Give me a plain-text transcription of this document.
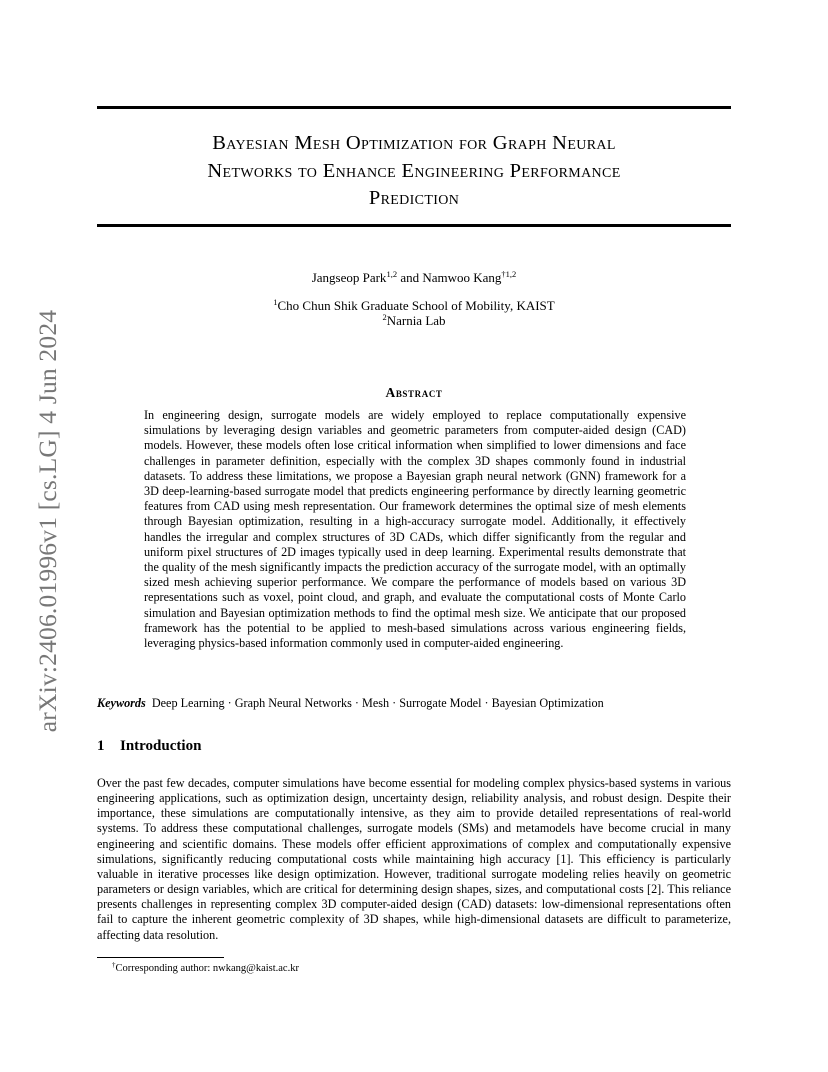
arXiv:2406.01996v1 [cs.LG] 4 Jun 2024
Bayesian Mesh Optimization for Graph Neural
Networks to Enhance Engineering Performance
Prediction
Jangseop Park$^{1,2}$ and Namwoo Kang$^{\dagger 1,2}$
$^1$Cho Chun Shik Graduate School of Mobility, KAIST
$^2$Narnia Lab
Abstract

In engineering design, surrogate models are widely employed to replace computationally expensive simulations by leveraging design variables and geometric parameters from computer-aided design (CAD) models. However, these models often lose critical information when simplified to lower dimensions and face challenges in parameter definition, especially with the complex 3D shapes commonly found in industrial datasets. To address these limitations, we propose a Bayesian graph neural network (GNN) framework for a 3D deep-learning-based surrogate model that predicts engineering performance by directly learning geometric features from CAD using mesh representation. Our framework determines the optimal size of mesh elements through Bayesian optimization, resulting in a high-accuracy surrogate model. Additionally, it effectively handles the irregular and complex structures of 3D CADs, which differ significantly from the regular and uniform pixel structures of 2D images typically used in deep learning. Experimental results demonstrate that the quality of the mesh significantly impacts the prediction accuracy of the surrogate model, with an optimally sized mesh achieving superior performance. We compare the performance of models based on various 3D representations such as voxel, point cloud, and graph, and evaluate the computational costs of Monte Carlo simulation and Bayesian optimization methods to find the optimal mesh size. We anticipate that our proposed framework has the potential to be applied to mesh-based simulations across various engineering fields, leveraging physics-based information commonly used in computer-aided engineering.

Keywords Deep Learning · Graph Neural Networks · Mesh · Surrogate Model · Bayesian Optimization
1 Introduction

Over the past few decades, computer simulations have become essential for modeling complex physics-based systems in various engineering applications, such as optimization design, uncertainty design, reliability analysis, and robust design. Despite their importance, these simulations are computationally intensive, as they aim to provide detailed representations of real-world systems. To address these computational challenges, surrogate models (SMs) and metamodels have become crucial in many engineering and scientific domains. These models offer efficient approximations of complex and computationally expensive simulations, significantly reducing computational costs while maintaining high accuracy [1]. This efficiency is particularly valuable in iterative processes like design optimization. However, traditional surrogate modeling relies heavily on geometric parameters or design variables, which are critical for determining design shapes, sizes, and computational costs [2]. This reliance presents challenges in representing complex 3D computer-aided design (CAD) datasets: low-dimensional representations often fail to capture the inherent geometric complexity of 3D shapes, while high-dimensional datasets are difficult to parameterize, affecting data resolution.

†Corresponding author: nwkang@kaist.ac.kr
